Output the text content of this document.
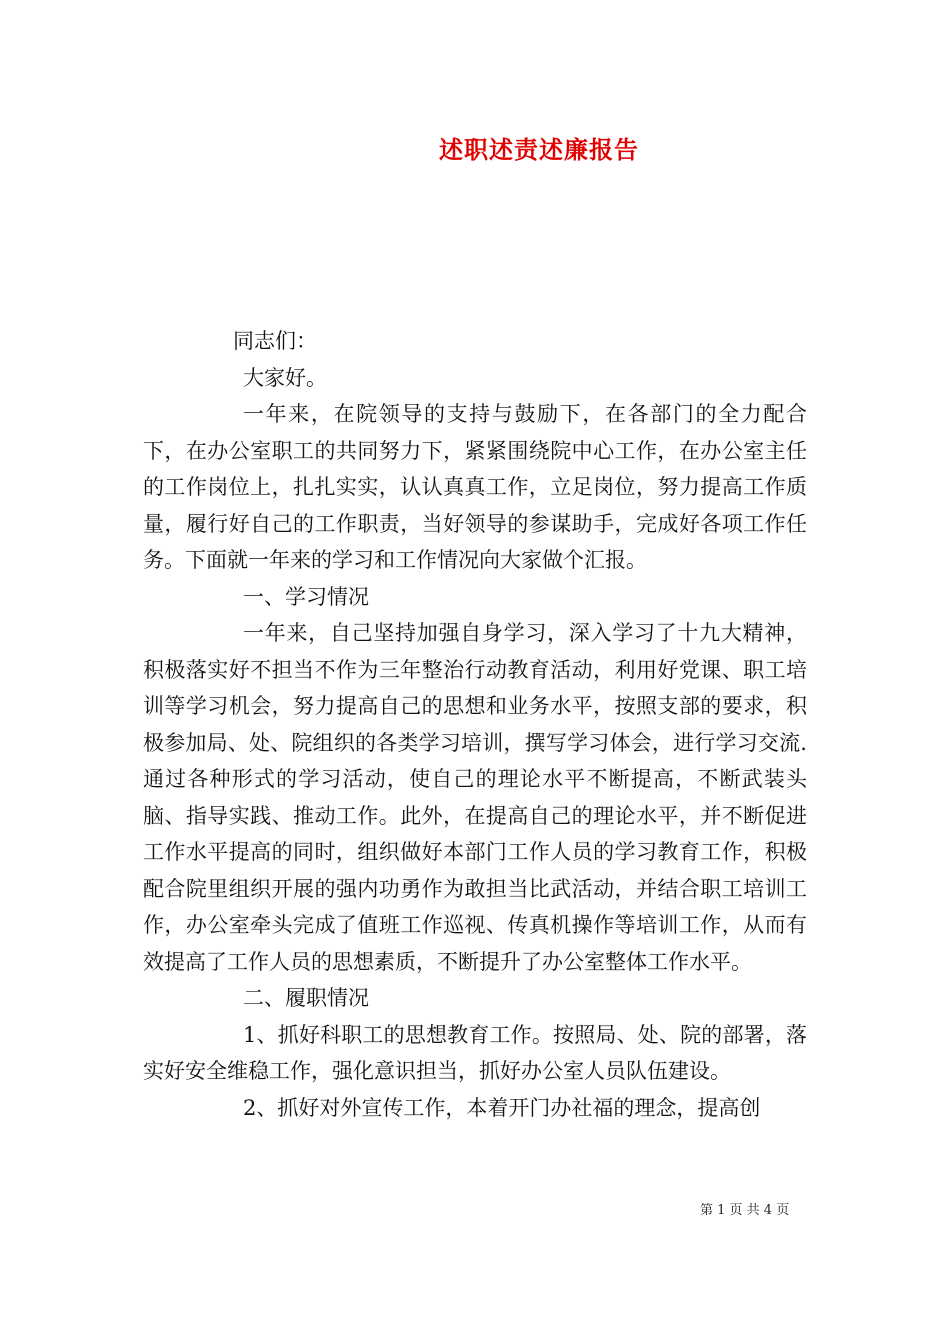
述职述责述廉报告

同志们：

大家好。

一年来，在院领导的支持与鼓励下，在各部门的全力配合下，在办公室职工的共同努力下，紧紧围绕院中心工作，在办公室主任的工作岗位上，扎扎实实，认认真真工作，立足岗位，努力提高工作质量，履行好自己的工作职责，当好领导的参谋助手，完成好各项工作任务。下面就一年来的学习和工作情况向大家做个汇报。

一、学习情况

一年来，自己坚持加强自身学习，深入学习了十九大精神，积极落实好不担当不作为三年整治行动教育活动，利用好党课、职工培训等学习机会，努力提高自己的思想和业务水平，按照支部的要求，积极参加局、处、院组织的各类学习培训，撰写学习体会，进行学习交流.通过各种形式的学习活动，使自己的理论水平不断提高，不断武装头脑、指导实践、推动工作。此外，在提高自己的理论水平，并不断促进工作水平提高的同时，组织做好本部门工作人员的学习教育工作，积极配合院里组织开展的强内功勇作为敢担当比武活动，并结合职工培训工作，办公室牵头完成了值班工作巡视、传真机操作等培训工作，从而有效提高了工作人员的思想素质，不断提升了办公室整体工作水平。

二、履职情况

1、抓好科职工的思想教育工作。按照局、处、院的部署，落实好安全维稳工作，强化意识担当，抓好办公室人员队伍建设。

2、抓好对外宣传工作，本着开门办社福的理念，提高创

第 1 页 共 4 页
